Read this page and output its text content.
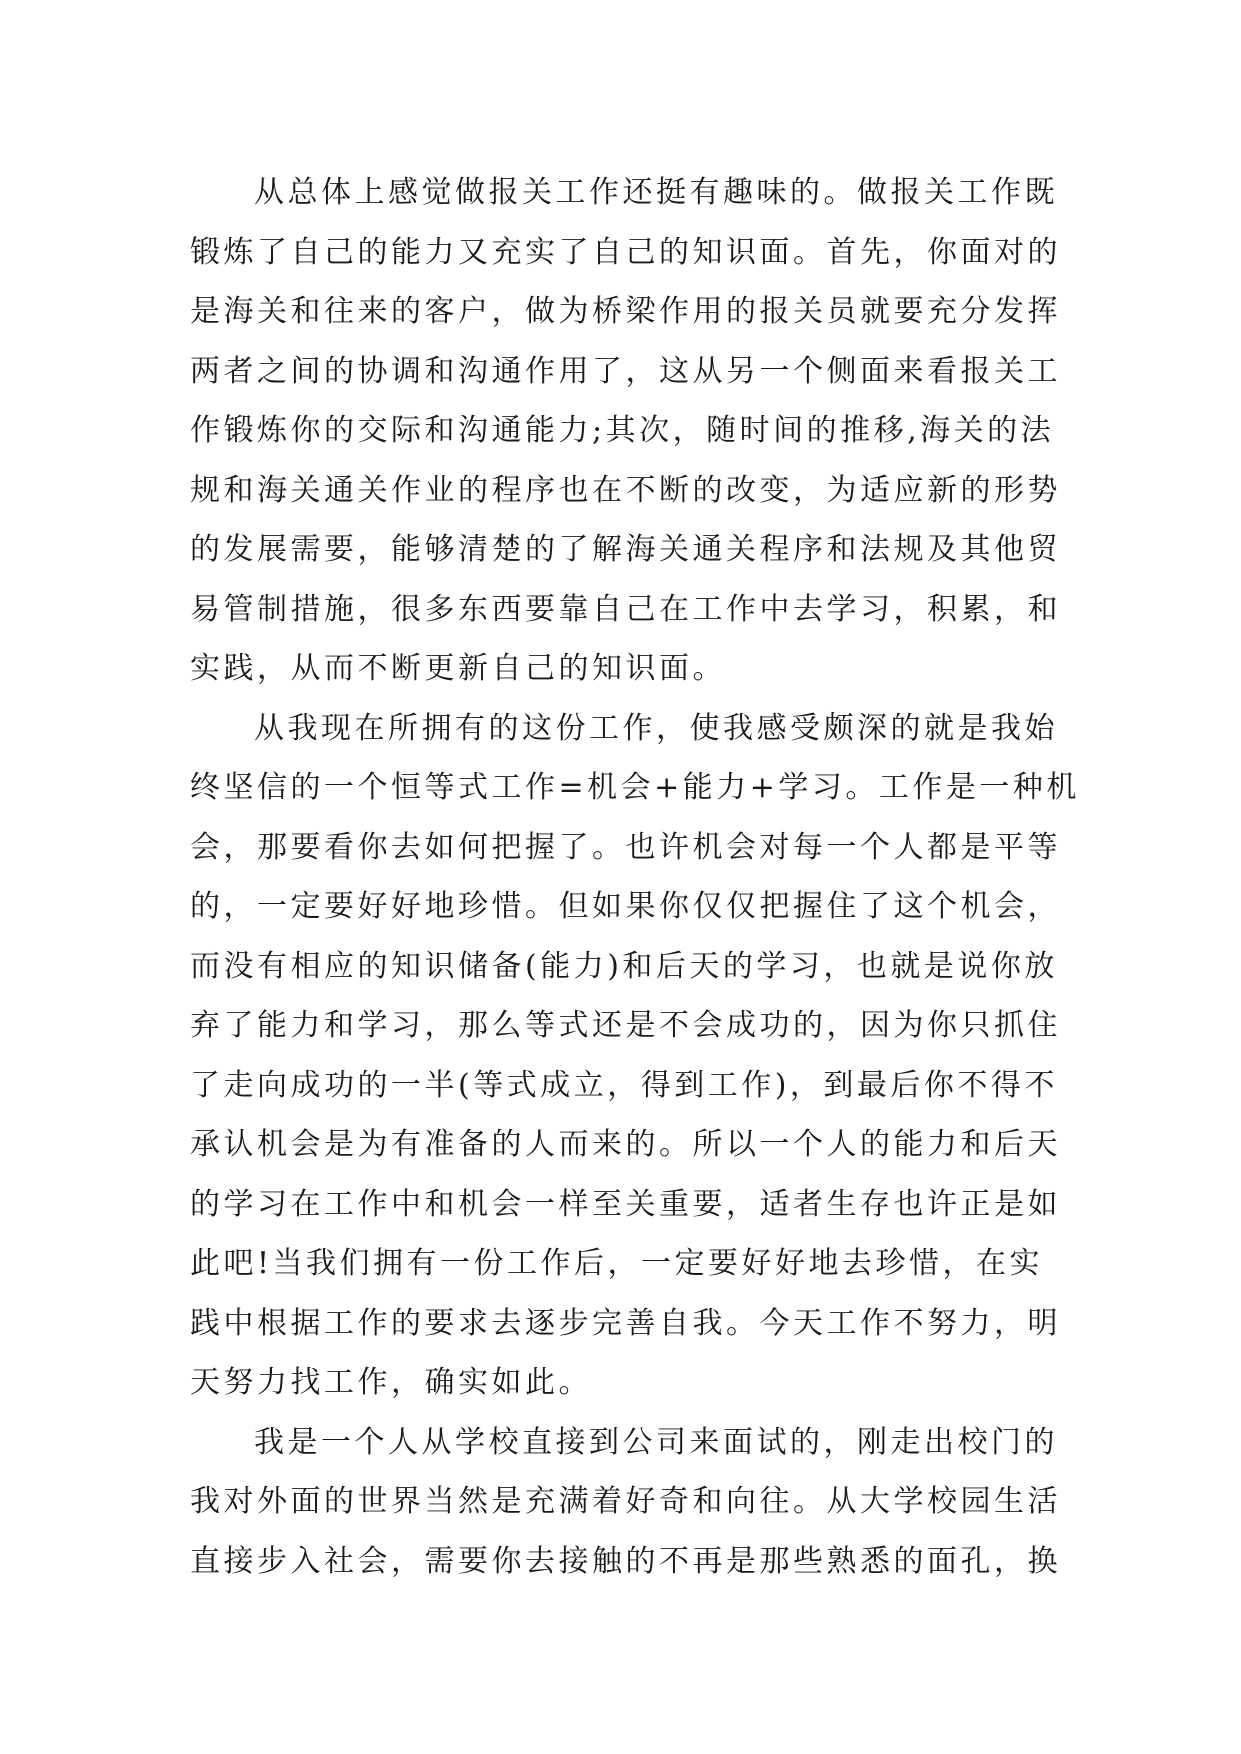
从总体上感觉做报关工作还挺有趣味的。做报关工作既
锻炼了自己的能力又充实了自己的知识面。首先，你面对的
是海关和往来的客户，做为桥梁作用的报关员就要充分发挥
两者之间的协调和沟通作用了，这从另一个侧面来看报关工
作锻炼你的交际和沟通能力;其次，随时间的推移,海关的法
规和海关通关作业的程序也在不断的改变，为适应新的形势
的发展需要，能够清楚的了解海关通关程序和法规及其他贸
易管制措施，很多东西要靠自己在工作中去学习，积累，和
实践，从而不断更新自己的知识面。
从我现在所拥有的这份工作，使我感受颇深的就是我始
终坚信的一个恒等式工作=机会+能力+学习。工作是一种机
会，那要看你去如何把握了。也许机会对每一个人都是平等
的，一定要好好地珍惜。但如果你仅仅把握住了这个机会，
而没有相应的知识储备(能力)和后天的学习，也就是说你放
弃了能力和学习，那么等式还是不会成功的，因为你只抓住
了走向成功的一半(等式成立，得到工作)，到最后你不得不
承认机会是为有准备的人而来的。所以一个人的能力和后天
的学习在工作中和机会一样至关重要，适者生存也许正是如
此吧!当我们拥有一份工作后，一定要好好地去珍惜，在实
践中根据工作的要求去逐步完善自我。今天工作不努力，明
天努力找工作，确实如此。
我是一个人从学校直接到公司来面试的，刚走出校门的
我对外面的世界当然是充满着好奇和向往。从大学校园生活
直接步入社会，需要你去接触的不再是那些熟悉的面孔，换
